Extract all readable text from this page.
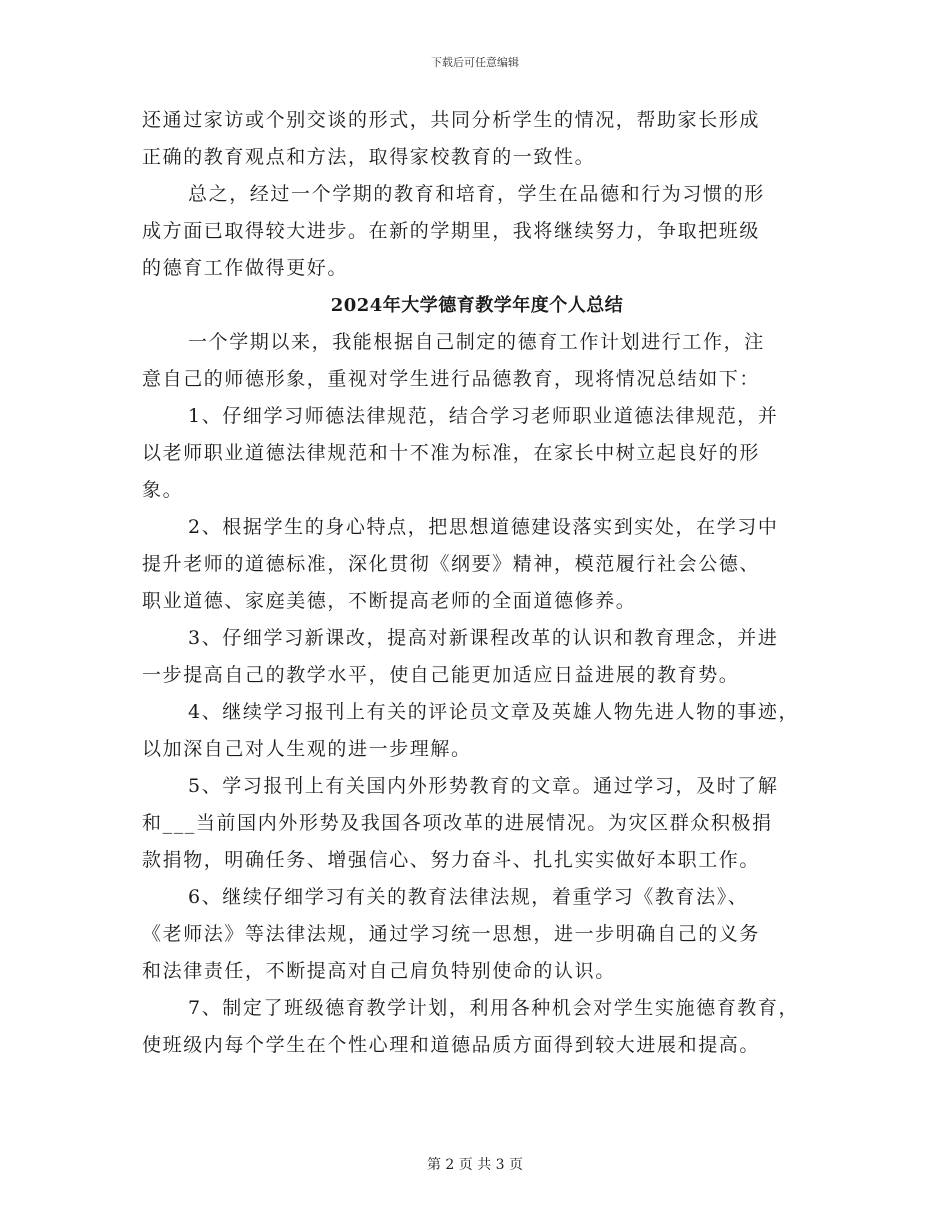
下载后可任意编辑
还通过家访或个别交谈的形式，共同分析学生的情况，帮助家长形成
正确的教育观点和方法，取得家校教育的一致性。
总之，经过一个学期的教育和培育，学生在品德和行为习惯的形
成方面已取得较大进步。在新的学期里，我将继续努力，争取把班级
的德育工作做得更好。
2024年大学德育教学年度个人总结
一个学期以来，我能根据自己制定的德育工作计划进行工作，注
意自己的师德形象，重视对学生进行品德教育，现将情况总结如下：
1、仔细学习师德法律规范，结合学习老师职业道德法律规范，并
以老师职业道德法律规范和十不准为标准，在家长中树立起良好的形
象。
2、根据学生的身心特点，把思想道德建设落实到实处，在学习中
提升老师的道德标准，深化贯彻《纲要》精神，模范履行社会公德、
职业道德、家庭美德，不断提高老师的全面道德修养。
3、仔细学习新课改，提高对新课程改革的认识和教育理念，并进
一步提高自己的教学水平，使自己能更加适应日益进展的教育势。
4、继续学习报刊上有关的评论员文章及英雄人物先进人物的事迹，
以加深自己对人生观的进一步理解。
5、学习报刊上有关国内外形势教育的文章。通过学习，及时了解
和___当前国内外形势及我国各项改革的进展情况。为灾区群众积极捐
款捐物，明确任务、增强信心、努力奋斗、扎扎实实做好本职工作。
6、继续仔细学习有关的教育法律法规，着重学习《教育法》、
《老师法》等法律法规，通过学习统一思想，进一步明确自己的义务
和法律责任，不断提高对自己肩负特别使命的认识。
7、制定了班级德育教学计划，利用各种机会对学生实施德育教育，
使班级内每个学生在个性心理和道德品质方面得到较大进展和提高。
第 2 页 共 3 页
